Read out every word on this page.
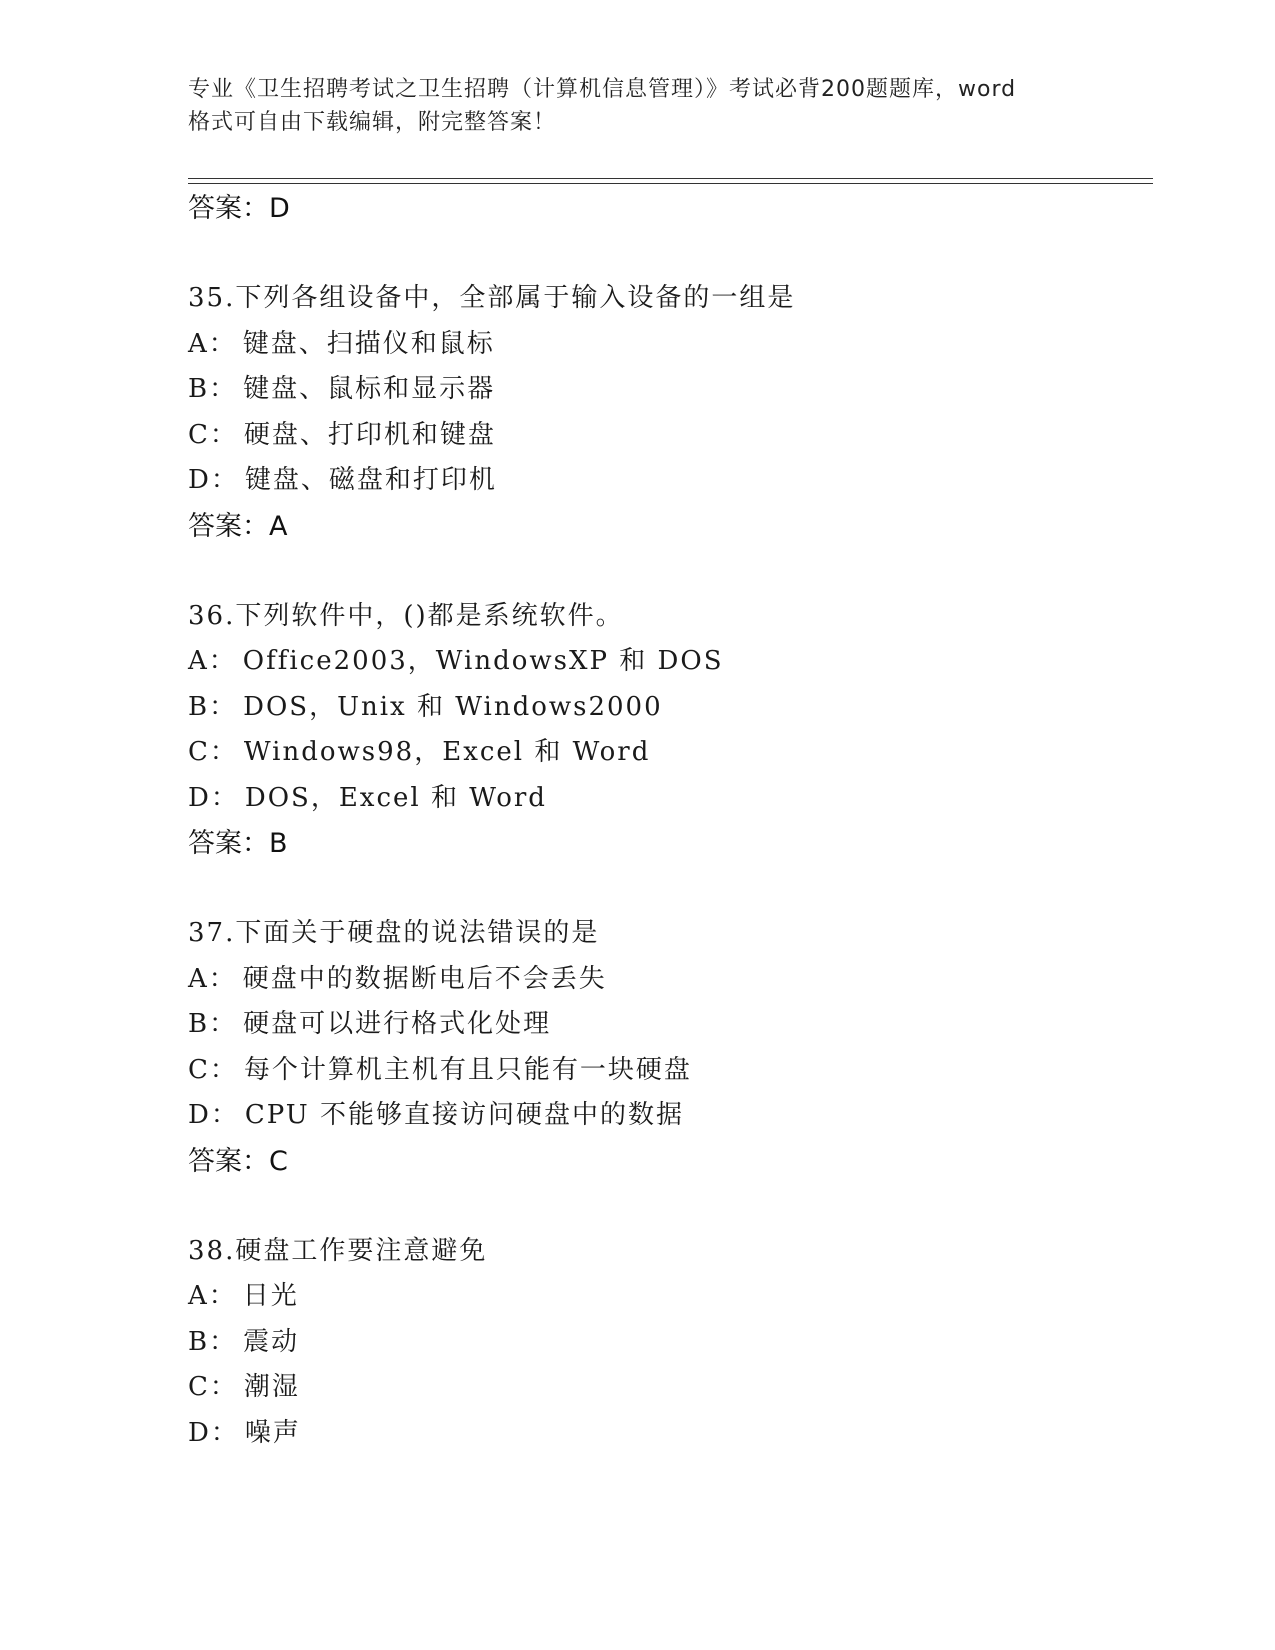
专业《卫生招聘考试之卫生招聘（计算机信息管理）》考试必背200题题库，word
格式可自由下载编辑，附完整答案！
答案：D
35.下列各组设备中，全部属于输入设备的一组是
A： 键盘、扫描仪和鼠标
B： 键盘、鼠标和显示器
C： 硬盘、打印机和键盘
D： 键盘、磁盘和打印机
答案：A
36.下列软件中，()都是系统软件。
A： Office2003，WindowsXP 和 DOS
B： DOS，Unix 和 Windows2000
C： Windows98，Excel 和 Word
D： DOS，Excel 和 Word
答案：B
37.下面关于硬盘的说法错误的是
A： 硬盘中的数据断电后不会丢失
B： 硬盘可以进行格式化处理
C： 每个计算机主机有且只能有一块硬盘
D： CPU 不能够直接访问硬盘中的数据
答案：C
38.硬盘工作要注意避免
A： 日光
B： 震动
C： 潮湿
D： 噪声
